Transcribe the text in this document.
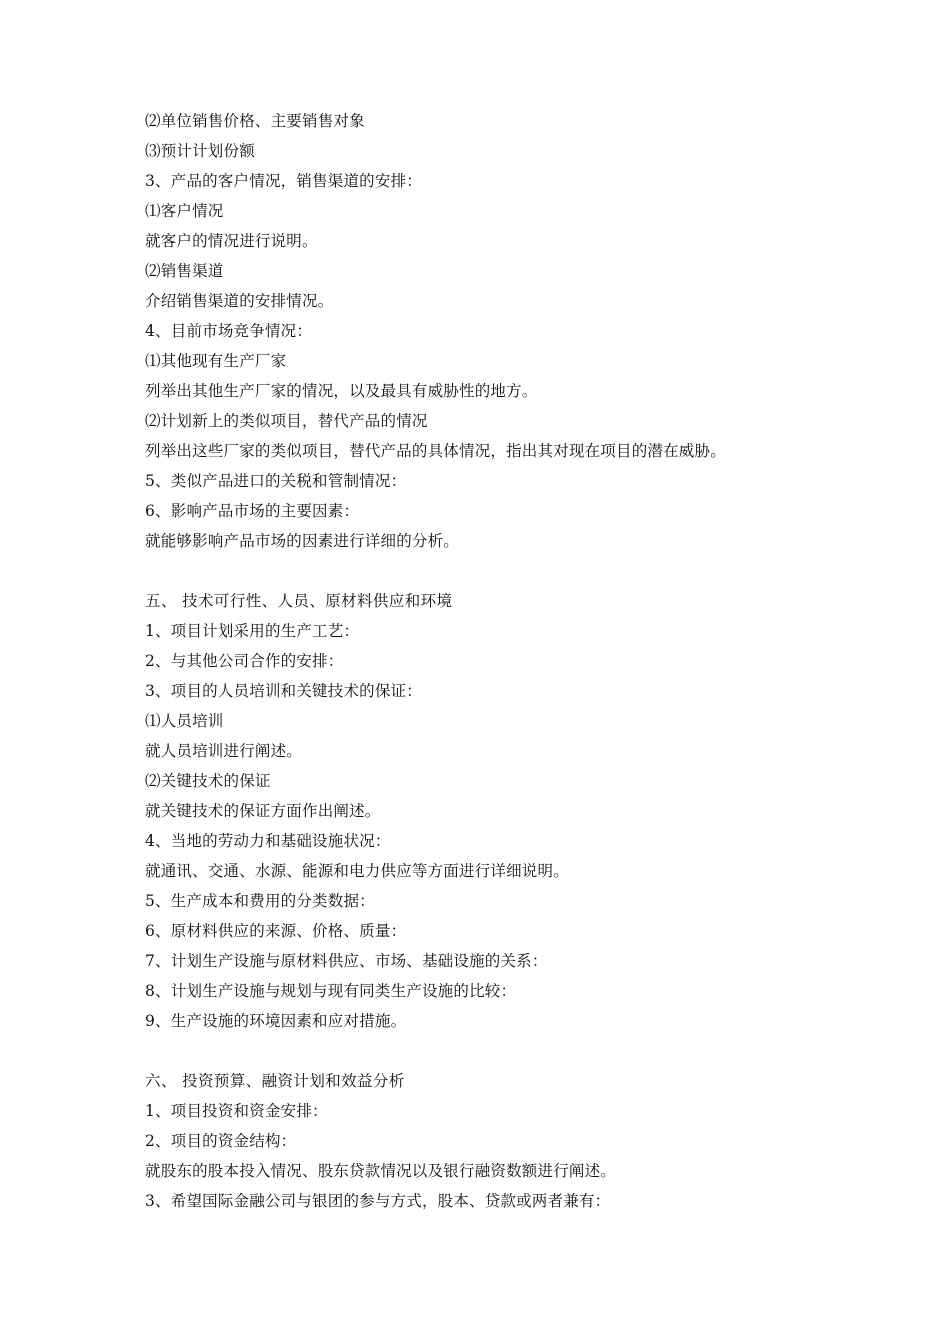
⑵单位销售价格、主要销售对象
⑶预计计划份额
3、产品的客户情况，销售渠道的安排：
⑴客户情况
就客户的情况进行说明。
⑵销售渠道
介绍销售渠道的安排情况。
4、目前市场竞争情况：
⑴其他现有生产厂家
列举出其他生产厂家的情况，以及最具有威胁性的地方。
⑵计划新上的类似项目，替代产品的情况
列举出这些厂家的类似项目，替代产品的具体情况，指出其对现在项目的潜在威胁。
5、类似产品进口的关税和管制情况：
6、影响产品市场的主要因素：
就能够影响产品市场的因素进行详细的分析。
五、 技术可行性、人员、原材料供应和环境
1、项目计划采用的生产工艺：
2、与其他公司合作的安排：
3、项目的人员培训和关键技术的保证：
⑴人员培训
就人员培训进行阐述。
⑵关键技术的保证
就关键技术的保证方面作出阐述。
4、当地的劳动力和基础设施状况：
就通讯、交通、水源、能源和电力供应等方面进行详细说明。
5、生产成本和费用的分类数据：
6、原材料供应的来源、价格、质量：
7、计划生产设施与原材料供应、市场、基础设施的关系：
8、计划生产设施与规划与现有同类生产设施的比较：
9、生产设施的环境因素和应对措施。
六、 投资预算、融资计划和效益分析
1、项目投资和资金安排：
2、项目的资金结构：
就股东的股本投入情况、股东贷款情况以及银行融资数额进行阐述。
3、希望国际金融公司与银团的参与方式，股本、贷款或两者兼有：
